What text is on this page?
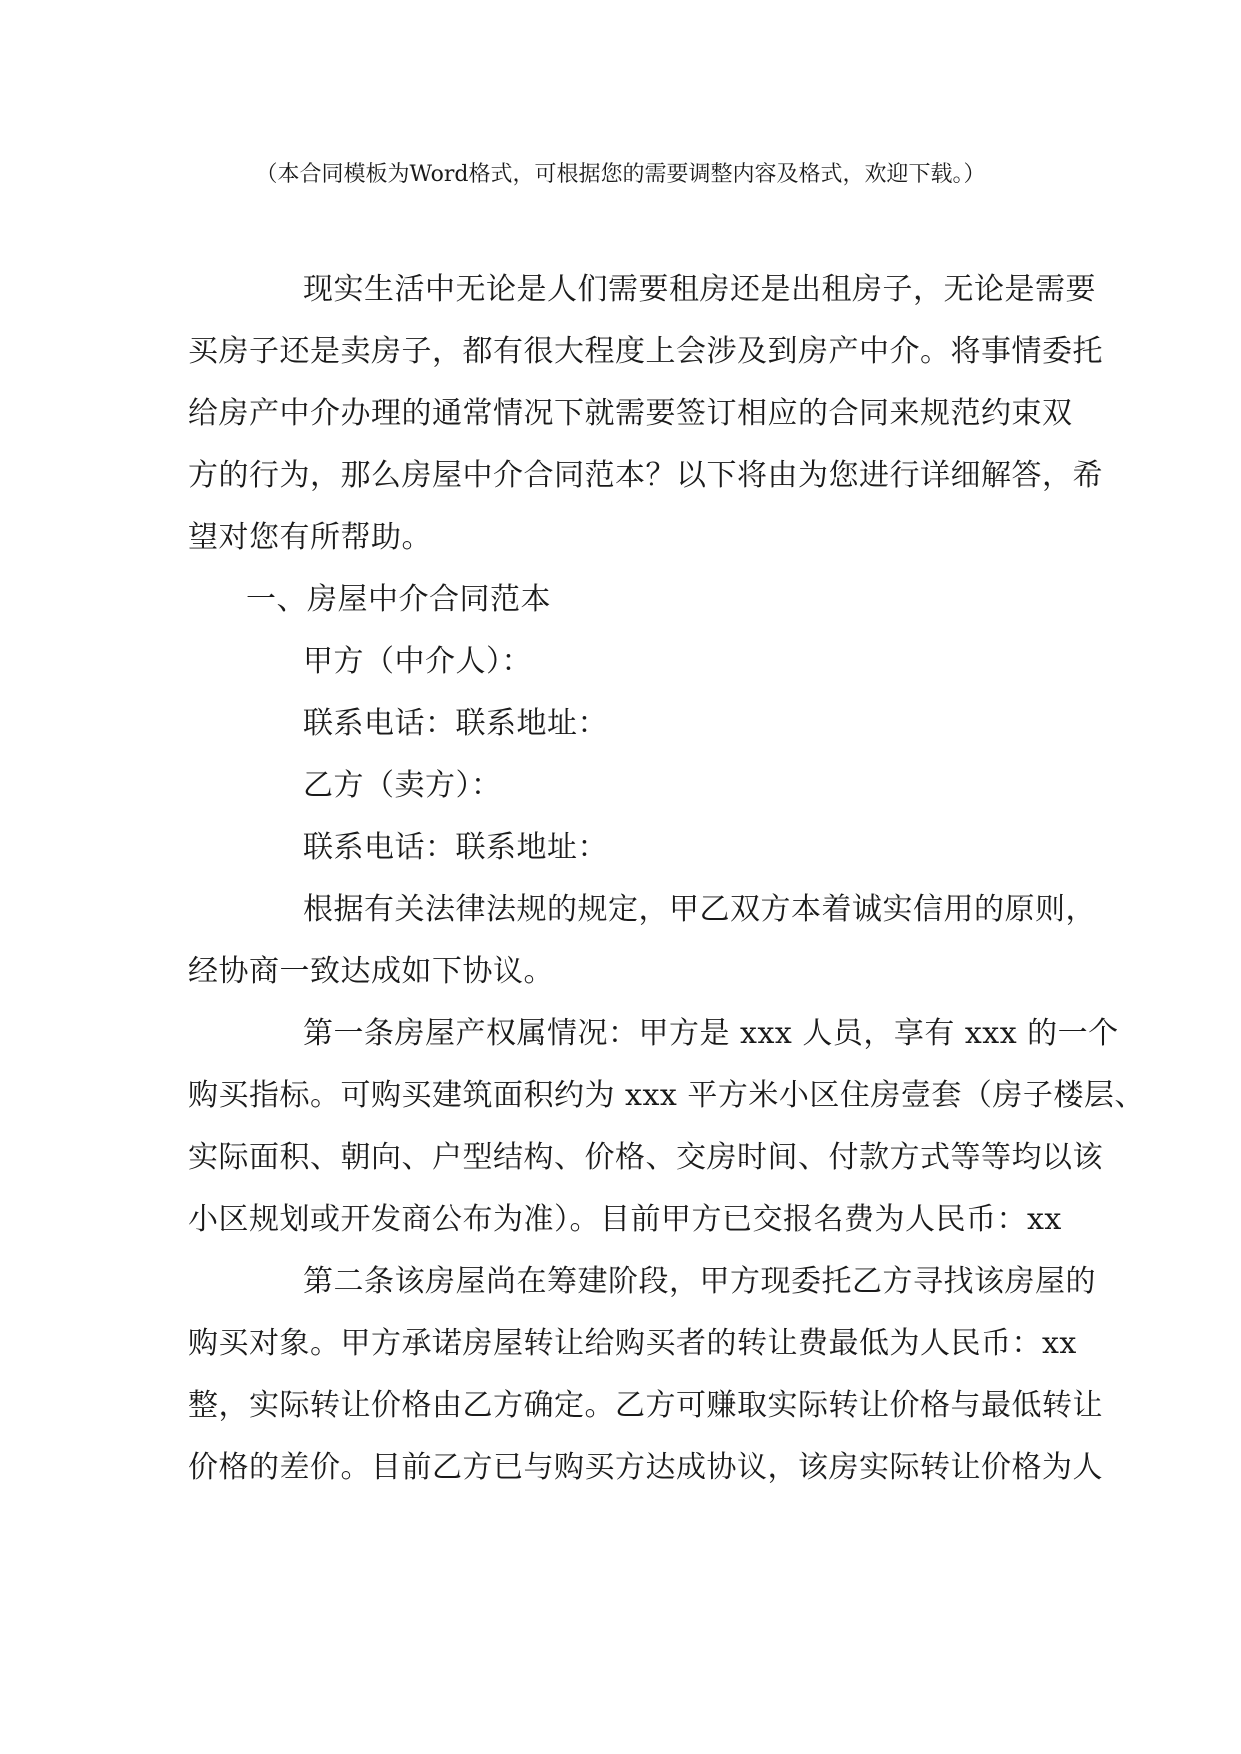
（本合同模板为Word格式，可根据您的需要调整内容及格式，欢迎下载。）
现实生活中无论是人们需要租房还是出租房子，无论是需要
买房子还是卖房子，都有很大程度上会涉及到房产中介。将事情委托
给房产中介办理的通常情况下就需要签订相应的合同来规范约束双
方的行为，那么房屋中介合同范本？以下将由为您进行详细解答，希
望对您有所帮助。
一、房屋中介合同范本
甲方（中介人）：
联系电话：联系地址：
乙方（卖方）：
联系电话：联系地址：
根据有关法律法规的规定，甲乙双方本着诚实信用的原则，
经协商一致达成如下协议。
第一条房屋产权属情况：甲方是 xxx 人员，享有 xxx 的一个
购买指标。可购买建筑面积约为 xxx 平方米小区住房壹套（房子楼层、
实际面积、朝向、户型结构、价格、交房时间、付款方式等等均以该
小区规划或开发商公布为准）。目前甲方已交报名费为人民币：xx
第二条该房屋尚在筹建阶段，甲方现委托乙方寻找该房屋的
购买对象。甲方承诺房屋转让给购买者的转让费最低为人民币：xx
整，实际转让价格由乙方确定。乙方可赚取实际转让价格与最低转让
价格的差价。目前乙方已与购买方达成协议，该房实际转让价格为人
